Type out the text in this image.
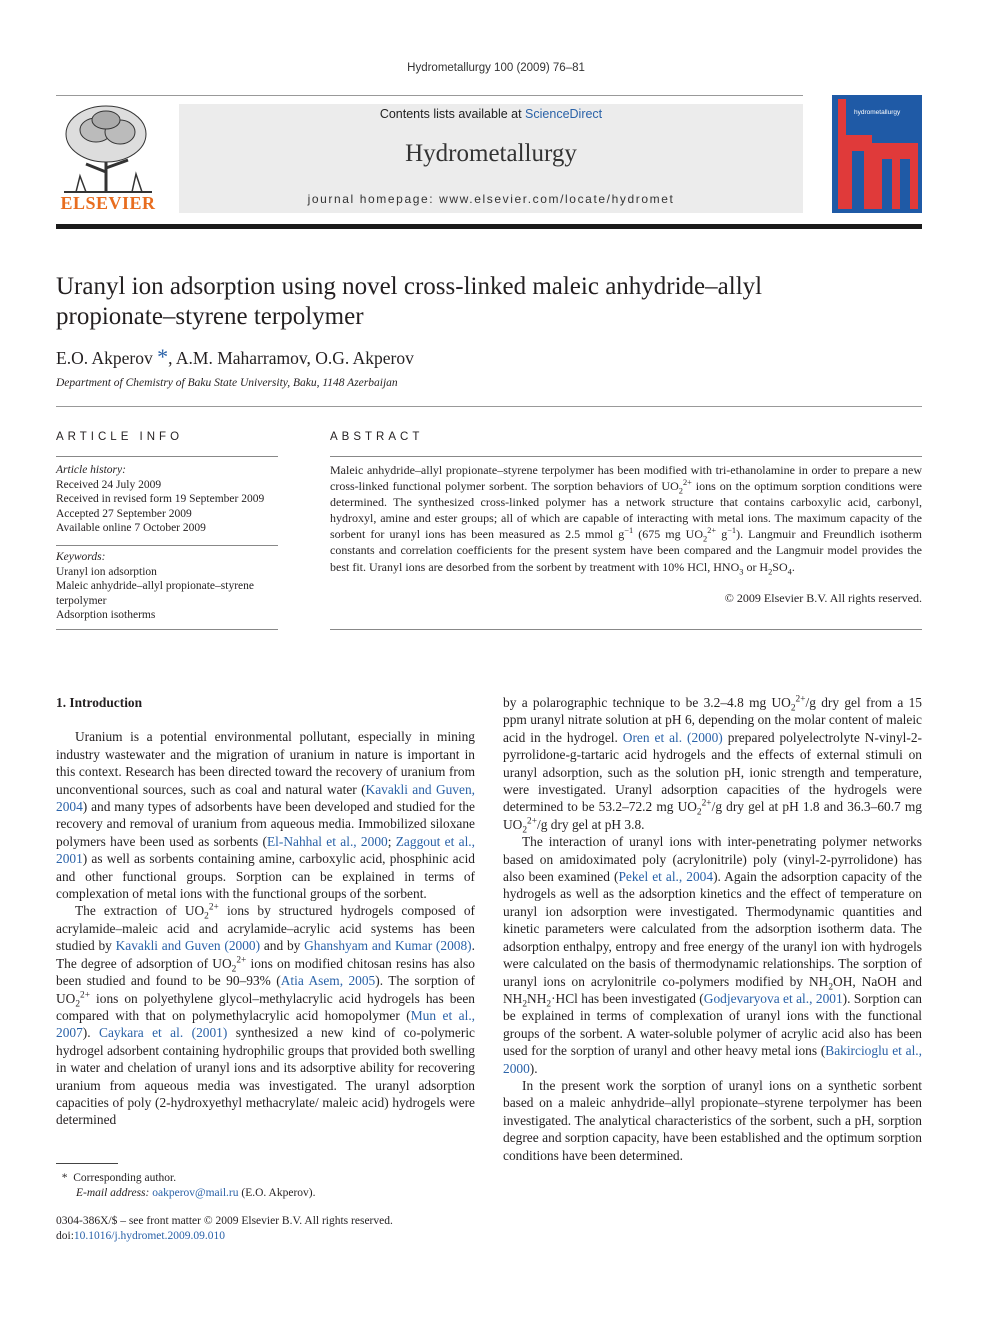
Hydrometallurgy 100 (2009) 76–81
ELSEVIER
Contents lists available at ScienceDirect
Hydrometallurgy
journal homepage: www.elsevier.com/locate/hydromet
hydrometallurgy
Uranyl ion adsorption using novel cross-linked maleic anhydride–allyl
propionate–styrene terpolymer
E.O. Akperov *, A.M. Maharramov, O.G. Akperov
Department of Chemistry of Baku State University, Baku, 1148 Azerbaijan
ARTICLE INFO
Article history:
Received 24 July 2009
Received in revised form 19 September 2009
Accepted 27 September 2009
Available online 7 October 2009
Keywords:
Uranyl ion adsorption
Maleic anhydride–allyl propionate–styrene
terpolymer
Adsorption isotherms
ABSTRACT
Maleic anhydride–allyl propionate–styrene terpolymer has been modified with tri-ethanolamine in order to prepare a new cross-linked functional polymer sorbent. The sorption behaviors of $UO_2^{2+}$ ions on the optimum sorption conditions were determined. The synthesized cross-linked polymer has a network structure that contains carboxylic acid, carbonyl, hydroxyl, amine and ester groups; all of which are capable of interacting with metal ions. The maximum capacity of the sorbent for uranyl ions has been measured as 2.5 mmol $g^{-1}$ (675 mg $UO_2^{2+}$ $g^{-1}$). Langmuir and Freundlich isotherm constants and correlation coefficients for the present system have been compared and the Langmuir model provides the best fit. Uranyl ions are desorbed from the sorbent by treatment with 10% HCl, $HNO_3$ or $H_2SO_4$.
© 2009 Elsevier B.V. All rights reserved.
1. Introduction

Uranium is a potential environmental pollutant, especially in mining industry wastewater and the migration of uranium in nature is important in this context. Research has been directed toward the recovery of uranium from unconventional sources, such as coal and natural water (Kavakli and Guven, 2004) and many types of adsorbents have been developed and studied for the recovery and removal of uranium from aqueous media. Immobilized siloxane polymers have been used as sorbents (El-Nahhal et al., 2000; Zaggout et al., 2001) as well as sorbents containing amine, carboxylic acid, phosphinic acid and other functional groups. Sorption can be explained in terms of complexation of metal ions with the functional groups of the sorbent.

The extraction of $UO_2^{2+}$ ions by structured hydrogels composed of acrylamide–maleic acid and acrylamide–acrylic acid systems has been studied by Kavakli and Guven (2000) and by Ghanshyam and Kumar (2008). The degree of adsorption of $UO_2^{2+}$ ions on modified chitosan resins has also been studied and found to be 90–93% (Atia Asem, 2005). The sorption of $UO_2^{2+}$ ions on polyethylene glycol–methylacrylic acid hydrogels has been compared with that on polymethylacrylic acid homopolymer (Mun et al., 2007). Caykara et al. (2001) synthesized a new kind of co-polymeric hydrogel adsorbent containing hydrophilic groups that provided both swelling in water and chelation of uranyl ions and its adsorptive ability for recovering uranium from aqueous media was investigated. The uranyl adsorption capacities of poly (2-hydroxyethyl methacrylate/ maleic acid) hydrogels were determined

by a polarographic technique to be 3.2–4.8 mg $UO_2^{2+}/g$ dry gel from a 15 ppm uranyl nitrate solution at pH 6, depending on the molar content of maleic acid in the hydrogel. Oren et al. (2000) prepared polyelectrolyte N-vinyl-2-pyrrolidone-g-tartaric acid hydrogels and the effects of external stimuli on uranyl adsorption, such as the solution pH, ionic strength and temperature, were investigated. Uranyl adsorption capacities of the hydrogels were determined to be 53.2–72.2 mg $UO_2^{2+}/g$ dry gel at pH 1.8 and 36.3–60.7 mg $UO_2^{2+}/g$ dry gel at pH 3.8.

The interaction of uranyl ions with inter-penetrating polymer networks based on amidoximated poly (acrylonitrile) poly (vinyl-2-pyrrolidone) has also been examined (Pekel et al., 2004). Again the adsorption capacity of the hydrogels as well as the adsorption kinetics and the effect of temperature on uranyl ion adsorption were investigated. Thermodynamic quantities and kinetic parameters were calculated from the adsorption isotherm data. The adsorption enthalpy, entropy and free energy of the uranyl ion with hydrogels were calculated on the basis of thermodynamic relationships. The sorption of uranyl ions on acrylonitrile co-polymers modified by $NH_2OH$, NaOH and $NH_2NH_2\cdot HCl$ has been investigated (Godjevaryova et al., 2001). Sorption can be explained in terms of complexation of uranyl ions with the functional groups of the sorbent. A water-soluble polymer of acrylic acid also has been used for the sorption of uranyl and other heavy metal ions (Bakircioglu et al., 2000).

In the present work the sorption of uranyl ions on a synthetic sorbent based on a maleic anhydride–allyl propionate–styrene terpolymer has been investigated. The analytical characteristics of the sorbent, such a pH, sorption degree and sorption capacity, have been established and the optimum sorption conditions have been determined.

* Corresponding author.
E-mail address: oakperov@mail.ru (E.O. Akperov).
0304-386X/$ – see front matter © 2009 Elsevier B.V. All rights reserved.
doi:10.1016/j.hydromet.2009.09.010
